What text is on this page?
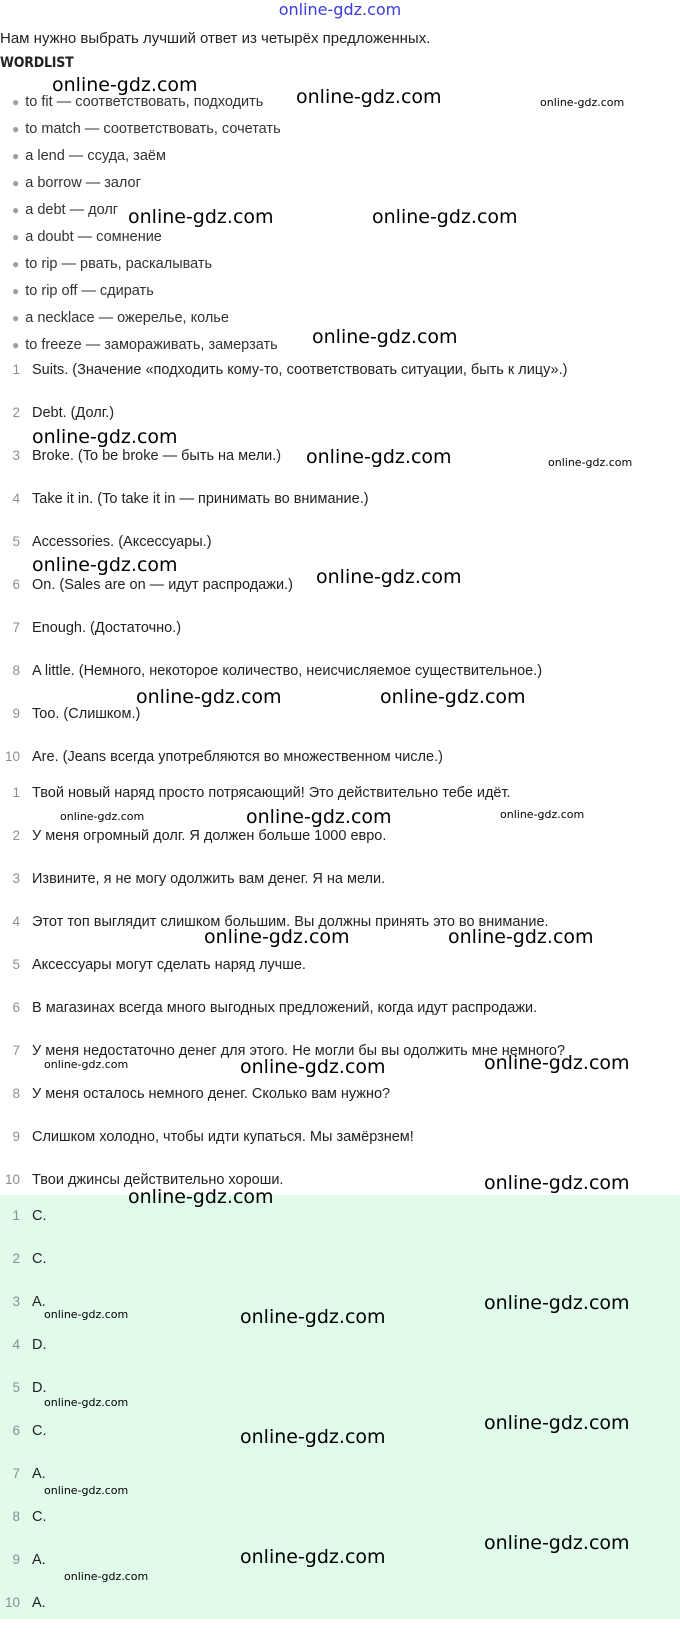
online-gdz.com
Нам нужно выбрать лучший ответ из четырёх предложенных.
WORDLIST
● to fit — соответствовать, подходить
● to match — соответствовать, сочетать
● a lend — ссуда, заём
● a borrow — залог
● a debt — долг
● a doubt — сомнение
● to rip — рвать, раскалывать
● to rip off — сдирать
● a necklace — ожерелье, колье
● to freeze — замораживать, замерзать
1 Suits. (Значение «подходить кому-то, соответствовать ситуации, быть к лицу».)
2 Debt. (Долг.)
3 Broke. (To be broke — быть на мели.)
4 Take it in. (To take it in — принимать во внимание.)
5 Accessories. (Аксессуары.)
6 On. (Sales are on — идут распродажи.)
7 Enough. (Достаточно.)
8 A little. (Немного, некоторое количество, неисчисляемое существительное.)
9 Too. (Слишком.)
10 Are. (Jeans всегда употребляются во множественном числе.)
1 Твой новый наряд просто потрясающий! Это действительно тебе идёт.
2 У меня огромный долг. Я должен больше 1000 евро.
3 Извините, я не могу одолжить вам денег. Я на мели.
4 Этот топ выглядит слишком большим. Вы должны принять это во внимание.
5 Аксессуары могут сделать наряд лучше.
6 В магазинах всегда много выгодных предложений, когда идут распродажи.
7 У меня недостаточно денег для этого. Не могли бы вы одолжить мне немного?
8 У меня осталось немного денег. Сколько вам нужно?
9 Слишком холодно, чтобы идти купаться. Мы замёрзнем!
10 Твои джинсы действительно хороши.
1 C.
2 C.
3 A.
4 D.
5 D.
6 C.
7 A.
8 C.
9 A.
10 A.
online-gdz.com
online-gdz.com	online-gdz.com
online-gdz.com	online-gdz.com
online-gdz.com
online-gdz.com
online-gdz.com	online-gdz.com
online-gdz.com
online-gdz.com
online-gdz.com	online-gdz.com
online-gdz.com	online-gdz.com	online-gdz.com
online-gdz.com	online-gdz.com
online-gdz.com	online-gdz.com	online-gdz.com
online-gdz.com
online-gdz.com
online-gdz.com
online-gdz.com	online-gdz.com
online-gdz.com
online-gdz.com
online-gdz.com
online-gdz.com
online-gdz.com
online-gdz.com
online-gdz.com
